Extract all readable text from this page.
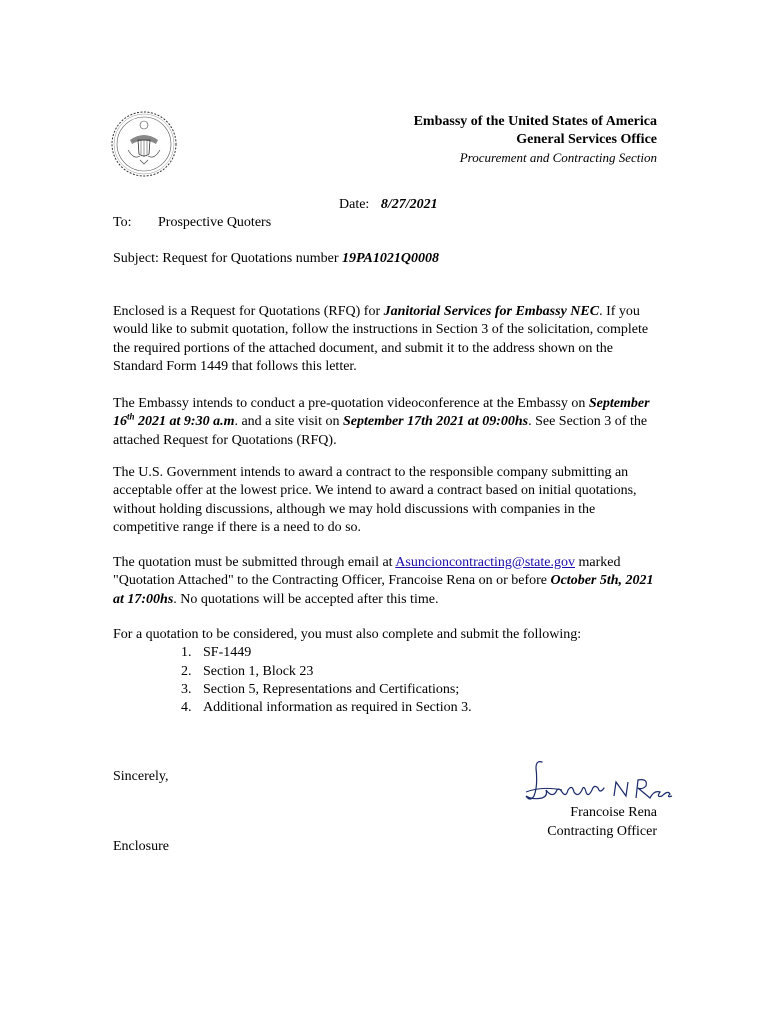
Embassy of the United States of America
General Services Office
Procurement and Contracting Section
Date: 8/27/2021
To: Prospective Quoters
Subject: Request for Quotations number 19PA1021Q0008
Enclosed is a Request for Quotations (RFQ) for Janitorial Services for Embassy NEC. If you would like to submit quotation, follow the instructions in Section 3 of the solicitation, complete the required portions of the attached document, and submit it to the address shown on the Standard Form 1449 that follows this letter.
The Embassy intends to conduct a pre-quotation videoconference at the Embassy on September 16th 2021 at 9:30 a.m. and a site visit on September 17th 2021 at 09:00hs. See Section 3 of the attached Request for Quotations (RFQ).
The U.S. Government intends to award a contract to the responsible company submitting an acceptable offer at the lowest price. We intend to award a contract based on initial quotations, without holding discussions, although we may hold discussions with companies in the competitive range if there is a need to do so.
The quotation must be submitted through email at Asuncioncontracting@state.gov marked "Quotation Attached" to the Contracting Officer, Francoise Rena on or before October 5th, 2021 at 17:00hs. No quotations will be accepted after this time.
For a quotation to be considered, you must also complete and submit the following:
1. SF-1449
2. Section 1, Block 23
3. Section 5, Representations and Certifications;
4. Additional information as required in Section 3.
Sincerely,
Francoise Rena
Contracting Officer
Enclosure
